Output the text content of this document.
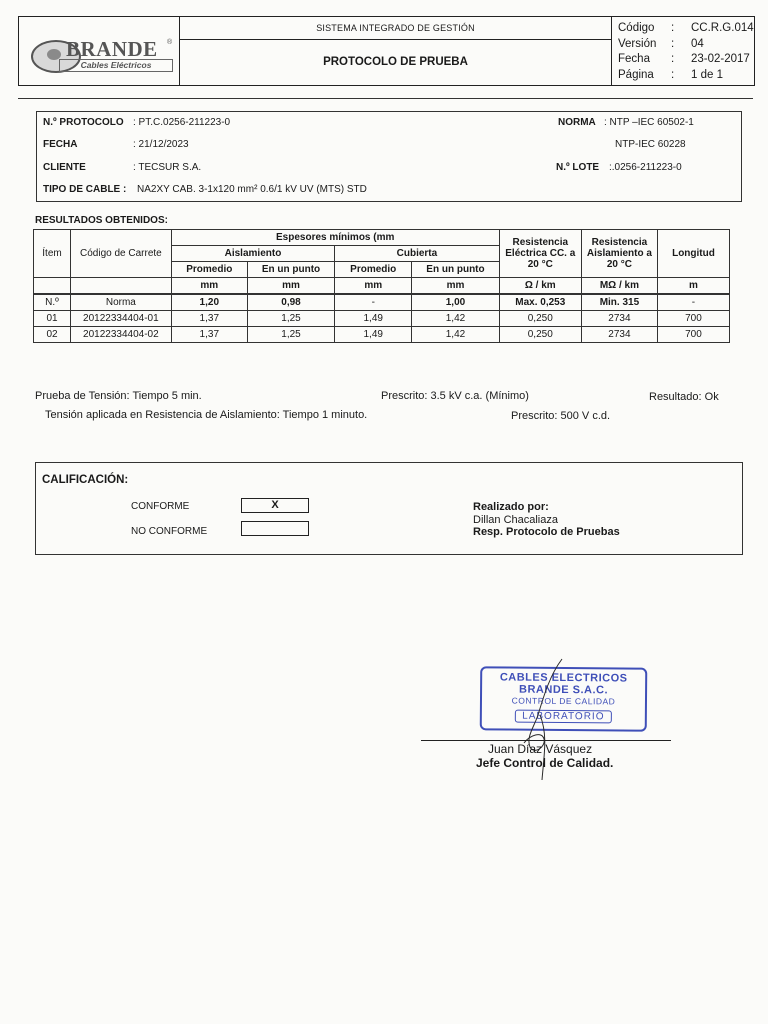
BRANDE ®
Cables Eléctricos
SISTEMA INTEGRADO DE GESTIÓN
PROTOCOLO DE PRUEBA
Código : CC.R.G.014
Versión : 04
Fecha : 23-02-2017
Página : 1 de 1
N.º PROTOCOLO : PT.C.0256-211223-0
FECHA	: 21/12/2023
CLIENTE	: TECSUR S.A.
TIPO DE CABLE : NA2XY CAB. 3-1x120 mm² 0.6/1 kV UV (MTS) STD
NORMA : NTP –IEC 60502-1
NTP-IEC 60228
N.º LOTE :.0256-211223-0
RESULTADOS OBTENIDOS:
Ítem	Código de Carrete	Espesores mínimos (mm				Resistencia Eléctrica CC. a 20 °C	Resistencia Aislamiento a 20 °C	Longitud
		Aislamiento		Cubierta				
		Promedio	En un punto	Promedio	En un punto			
		mm	mm	mm	mm	Ω / km	MΩ / km	m
N.º	Norma	1,20	0,98	-	1,00	Max. 0,253	Min. 315	-
01	20122334404-01	1,37	1,25	1,49	1,42	0,250	2734	700
02	20122334404-02	1,37	1,25	1,49	1,42	0,250	2734	700
Prueba de Tensión: Tiempo 5 min.	Prescrito: 3.5 kV c.a. (Mínimo)	Resultado: Ok
Tensión aplicada en Resistencia de Aislamiento: Tiempo 1 minuto.	Prescrito: 500 V c.d.
CALIFICACIÓN:
CONFORME	X
NO CONFORME
Realizado por:
Dillan Chacaliaza
Resp. Protocolo de Pruebas
CABLES ELECTRICOS
BRANDE S.A.C.
CONTROL DE CALIDAD
LABORATORIO
Juan Díaz Vásquez
Jefe Control de Calidad.
